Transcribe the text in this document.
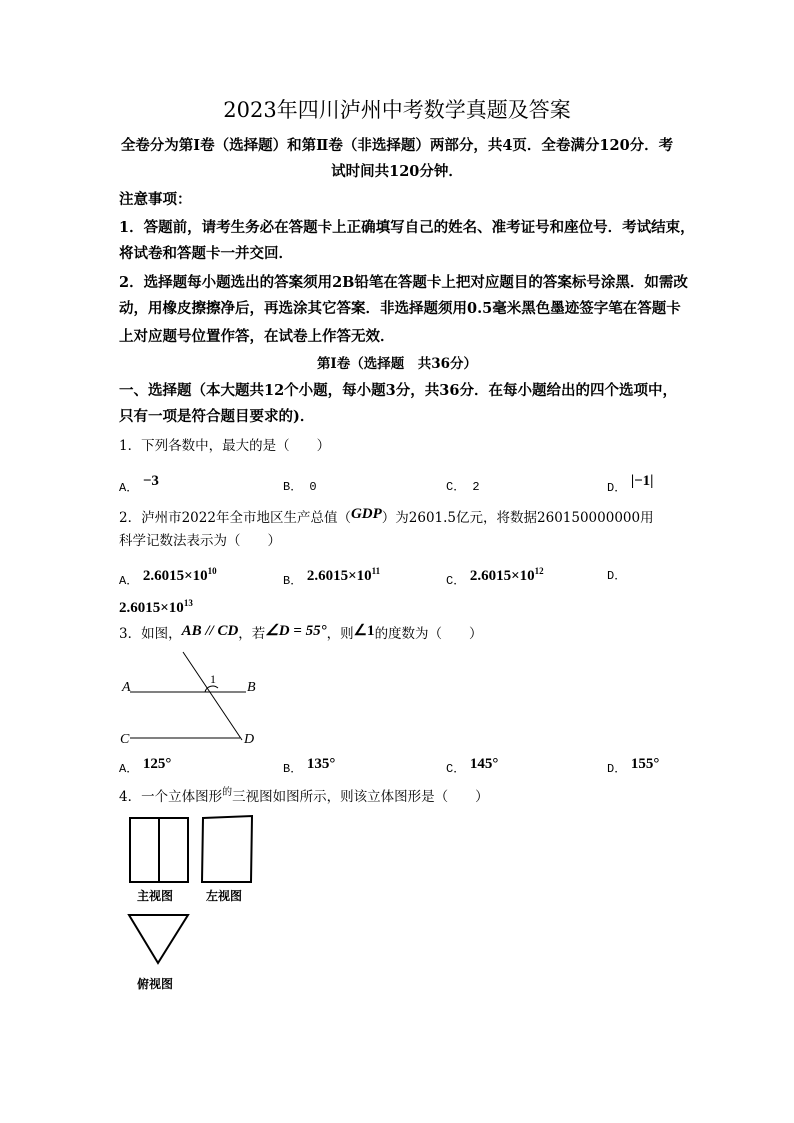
2023年四川泸州中考数学真题及答案
全卷分为第Ⅰ卷（选择题）和第Ⅱ卷（非选择题）两部分，共4页．全卷满分120分．考
试时间共120分钟．
注意事项：
1．答题前，请考生务必在答题卡上正确填写自己的姓名、准考证号和座位号．考试结束，
将试卷和答题卡一并交回．
2．选择题每小题选出的答案须用2B铅笔在答题卡上把对应题目的答案标号涂黑．如需改
动，用橡皮擦擦净后，再选涂其它答案．非选择题须用0.5毫米黑色墨迹签字笔在答题卡
上对应题号位置作答，在试卷上作答无效．
第Ⅰ卷（选择题　共36分）
一、选择题（本大题共12个小题，每小题3分，共36分．在每小题给出的四个选项中，
只有一项是符合题目要求的)．
1．下列各数中，最大的是（　　）
A． −3	B． 0	C． 2	D． |−1|
2．泸州市2022年全市地区生产总值（GDP）为2601.5亿元，将数据260150000000用
科学记数法表示为（　　）
A． $2.6015\times 10^{10}$
B． $2.6015\times 10^{11}$
C． $2.6015\times 10^{12}$	D．
$2.6015\times 10^{13}$
3．如图，AB // CD，若∠D = 55°，则∠1的度数为（　　）
A	B
C	D
1
主视图	左视图
俯视图
A． 125°	B． 135°	C． 145°	D． 155°
4．一个立体图形$^的$三视图如图所示，则该立体图形是（　　）
